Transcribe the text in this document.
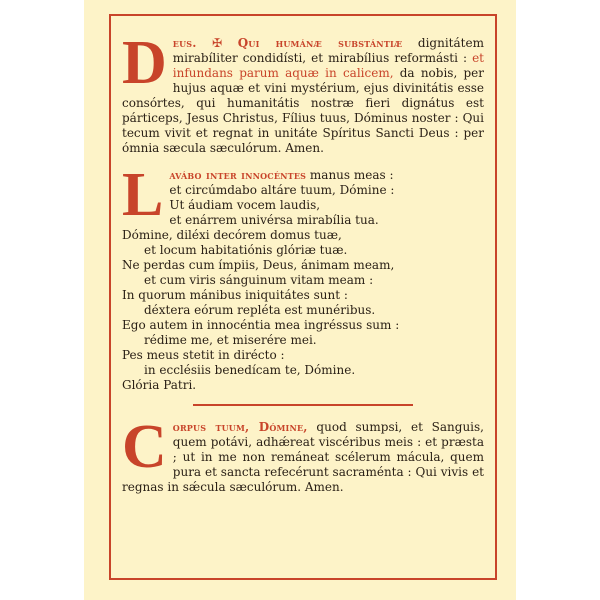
D eus. ✠ Qui humánæ substántiæ dignitátem mirabíliter condidísti, et mirabílius reformásti : et infundans parum aquæ in calicem, da nobis, per hujus aquæ et vini mystérium, ejus divinitátis esse consórtes, qui humanitátis nostræ fieri dignátus est párticeps, Jesus Christus, Fílius tuus, Dóminus noster : Qui tecum vivit et regnat in unitáte Spíritus Sancti Deus : per ómnia sæcula sæculórum. Amen.
L avábo inter innocéntes manus meas :
et circúmdabo altáre tuum, Dómine :
Ut áudiam vocem laudis,
et enárrem univérsa mirabília tua.
Dómine, diléxi decórem domus tuæ,
et locum habitatiónis glóriæ tuæ.
Ne perdas cum ímpiis, Deus, ánimam meam,
et cum viris sánguinum vitam meam :
In quorum mánibus iniquitátes sunt :
déxtera eórum repléta est munéribus.
Ego autem in innocéntia mea ingréssus sum :
rédime me, et miserére mei.
Pes meus stetit in dirécto :
in ecclésiis benedícam te, Dómine.
Glória Patri.
C orpus tuum, Dómine, quod sumpsi, et Sanguis, quem potávi, adhǽreat viscéribus meis : et præsta ; ut in me non remáneat scélerum mácula, quem pura et sancta refecérunt sacraménta : Qui vivis et regnas in sǽcula sæculórum. Amen.
